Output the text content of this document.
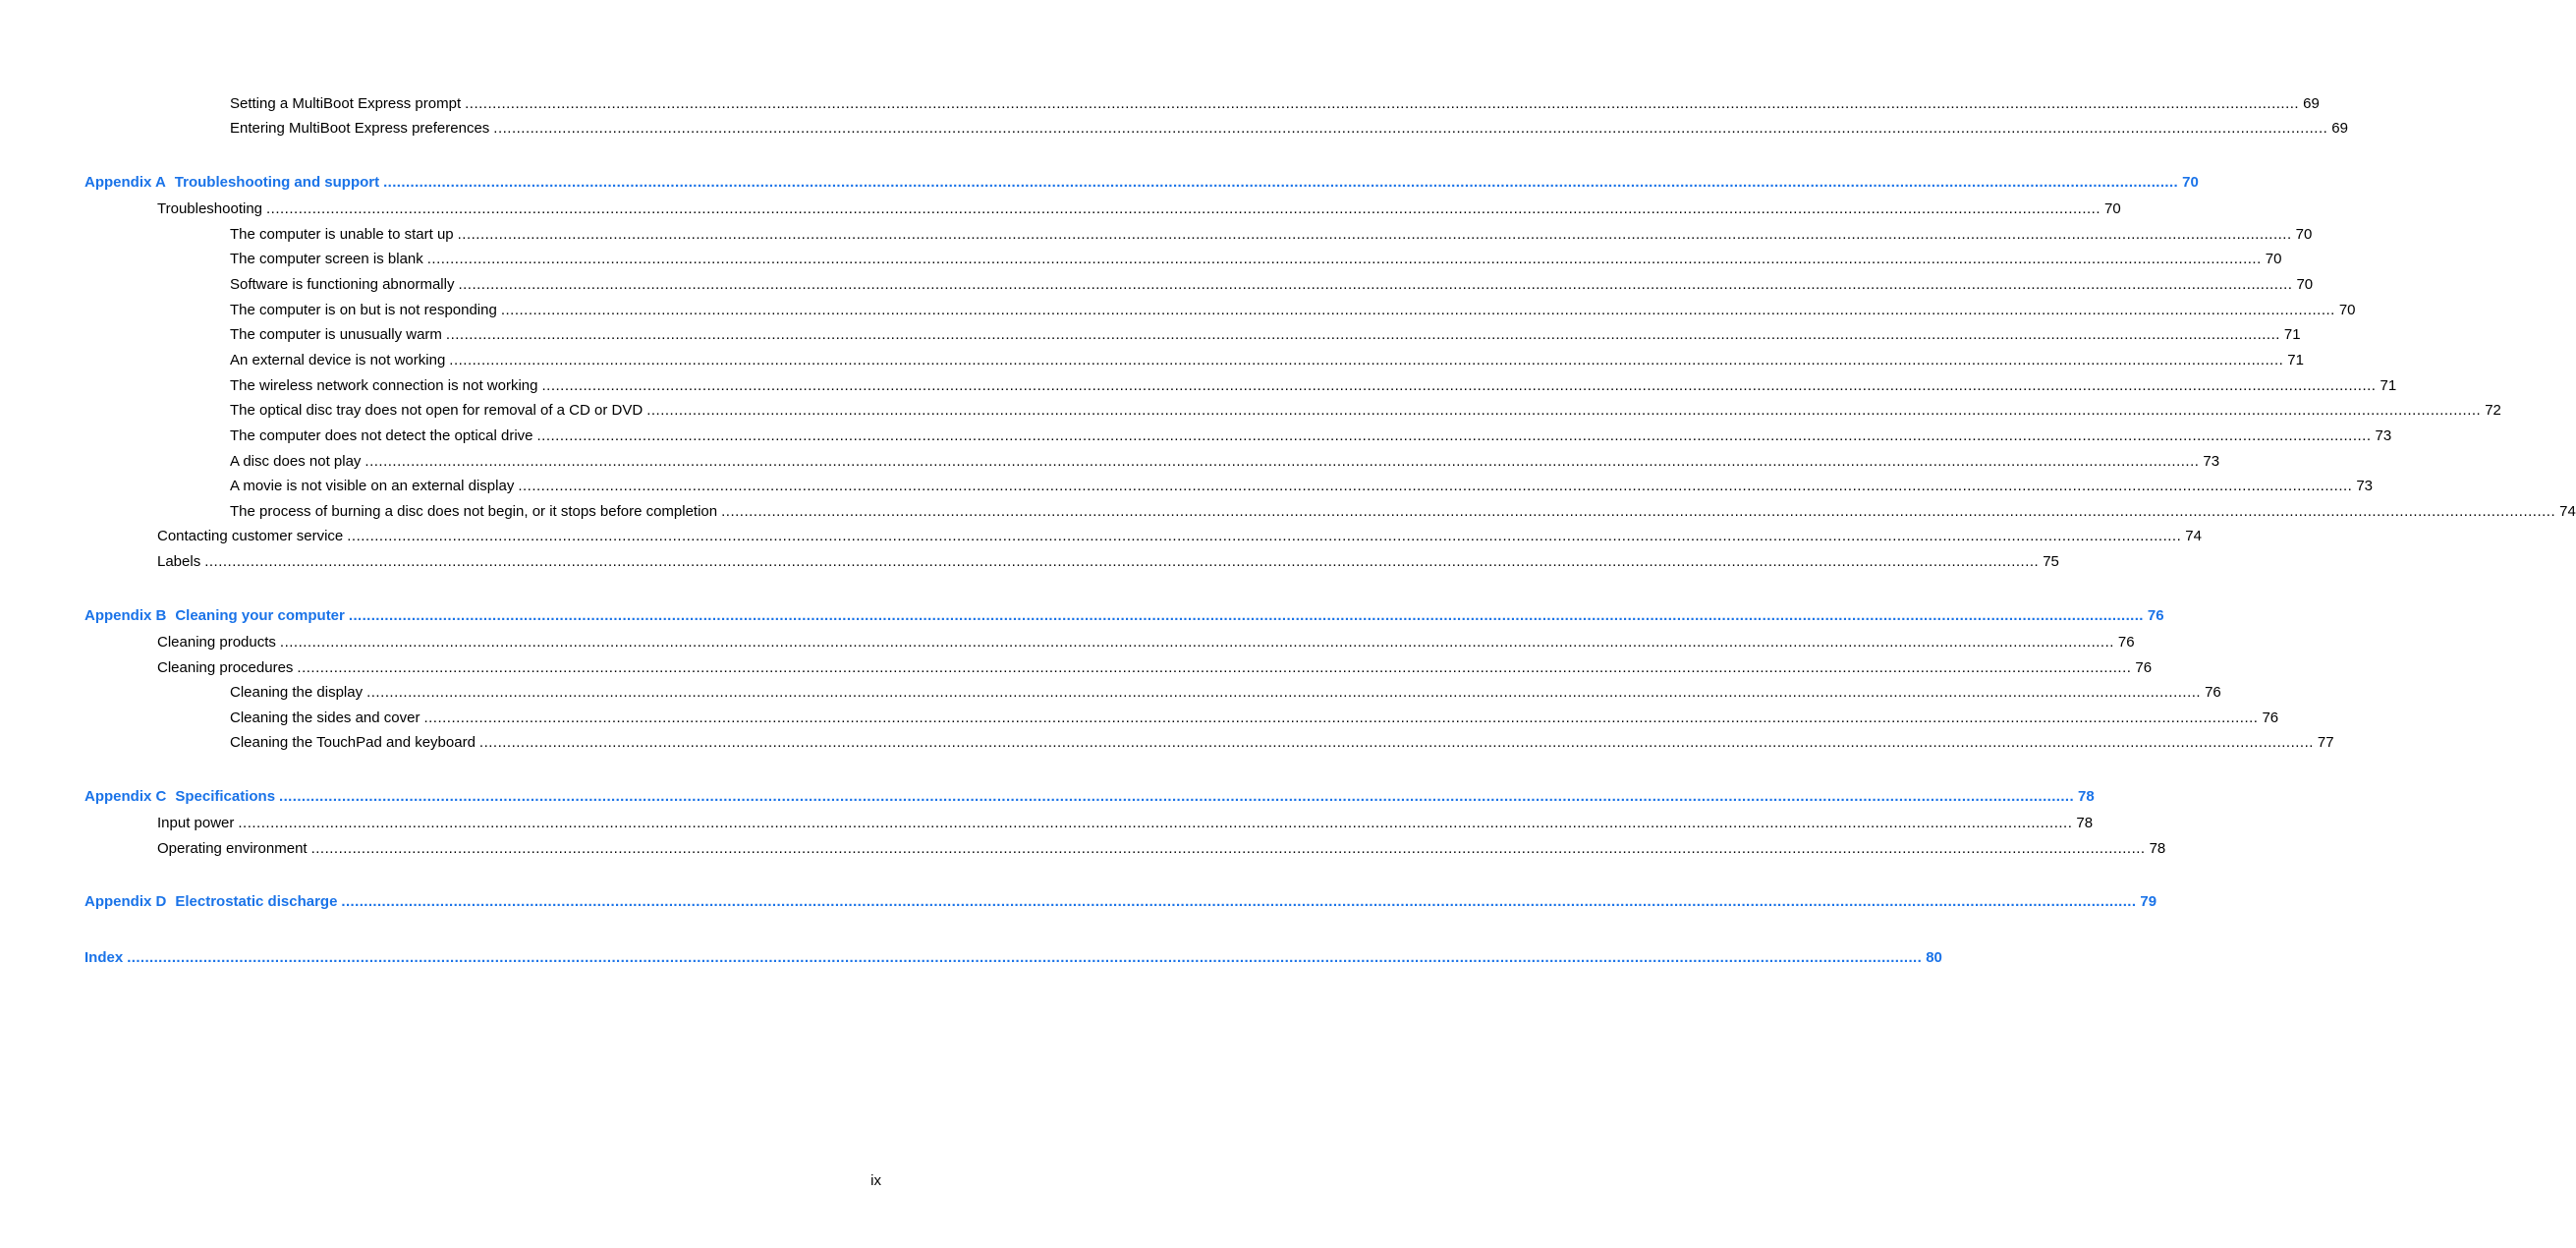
Setting a MultiBoot Express prompt ................................................................................................................................................................................................................................................................................................................................................................................................................ 69
Entering MultiBoot Express preferences ................................................................................................................................................................................................................................................................................................................................................................................................................ 69
Appendix A Troubleshooting and support ................................................................................................................................................................................................................................................................................................................................................................................................................ 70
Troubleshooting ................................................................................................................................................................................................................................................................................................................................................................................................................ 70
The computer is unable to start up ................................................................................................................................................................................................................................................................................................................................................................................................................ 70
The computer screen is blank ................................................................................................................................................................................................................................................................................................................................................................................................................ 70
Software is functioning abnormally ................................................................................................................................................................................................................................................................................................................................................................................................................ 70
The computer is on but is not responding ................................................................................................................................................................................................................................................................................................................................................................................................................ 70
The computer is unusually warm ................................................................................................................................................................................................................................................................................................................................................................................................................ 71
An external device is not working ................................................................................................................................................................................................................................................................................................................................................................................................................ 71
The wireless network connection is not working ................................................................................................................................................................................................................................................................................................................................................................................................................ 71
The optical disc tray does not open for removal of a CD or DVD ................................................................................................................................................................................................................................................................................................................................................................................................................ 72
The computer does not detect the optical drive ................................................................................................................................................................................................................................................................................................................................................................................................................ 73
A disc does not play ................................................................................................................................................................................................................................................................................................................................................................................................................ 73
A movie is not visible on an external display ................................................................................................................................................................................................................................................................................................................................................................................................................ 73
The process of burning a disc does not begin, or it stops before completion ................................................................................................................................................................................................................................................................................................................................................................................................................ 74
Contacting customer service ................................................................................................................................................................................................................................................................................................................................................................................................................ 74
Labels ................................................................................................................................................................................................................................................................................................................................................................................................................ 75
Appendix B Cleaning your computer ................................................................................................................................................................................................................................................................................................................................................................................................................ 76
Cleaning products ................................................................................................................................................................................................................................................................................................................................................................................................................ 76
Cleaning procedures ................................................................................................................................................................................................................................................................................................................................................................................................................ 76
Cleaning the display ................................................................................................................................................................................................................................................................................................................................................................................................................ 76
Cleaning the sides and cover ................................................................................................................................................................................................................................................................................................................................................................................................................ 76
Cleaning the TouchPad and keyboard ................................................................................................................................................................................................................................................................................................................................................................................................................ 77
Appendix C Specifications ................................................................................................................................................................................................................................................................................................................................................................................................................ 78
Input power ................................................................................................................................................................................................................................................................................................................................................................................................................ 78
Operating environment ................................................................................................................................................................................................................................................................................................................................................................................................................ 78
Appendix D Electrostatic discharge ................................................................................................................................................................................................................................................................................................................................................................................................................ 79
Index ................................................................................................................................................................................................................................................................................................................................................................................................................ 80
ix
